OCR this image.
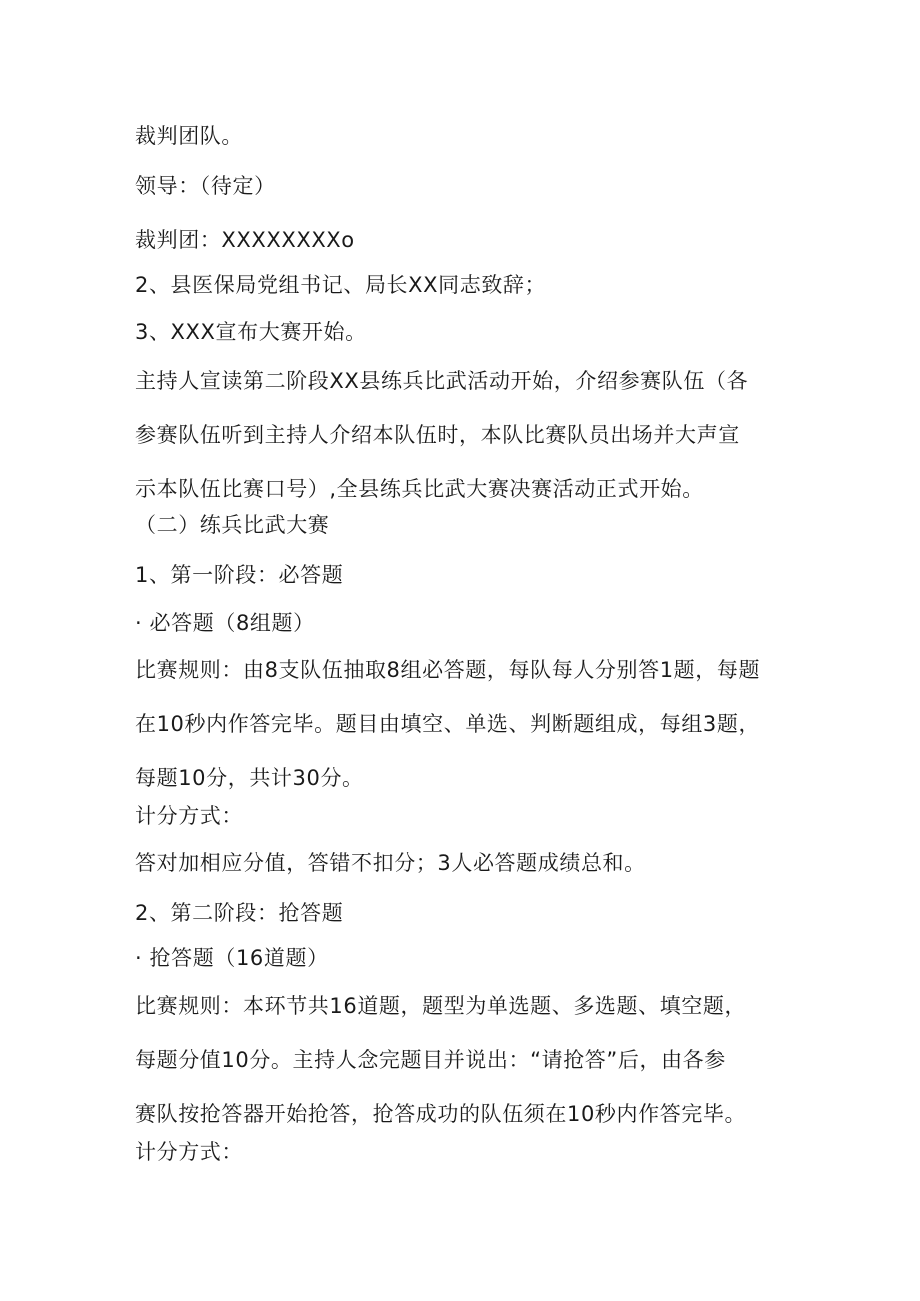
裁判团队。

领导：（待定）

裁判团：XXXXXXXXo

2、县医保局党组书记、局长XX同志致辞；

3、XXX宣布大赛开始。

主持人宣读第二阶段XX县练兵比武活动开始，介绍参赛队伍（各
参赛队伍听到主持人介绍本队伍时，本队比赛队员出场并大声宣
示本队伍比赛口号）,全县练兵比武大赛决赛活动正式开始。

（二）练兵比武大赛

1、第一阶段：必答题

· 必答题（8组题）

比赛规则：由8支队伍抽取8组必答题，每队每人分别答1题，每题
在10秒内作答完毕。题目由填空、单选、判断题组成，每组3题，
每题10分，共计30分。

计分方式：

答对加相应分值，答错不扣分；3人必答题成绩总和。

2、第二阶段：抢答题

· 抢答题（16道题）

比赛规则：本环节共16道题，题型为单选题、多选题、填空题，
每题分值10分。主持人念完题目并说出：“请抢答”后，由各参
赛队按抢答器开始抢答，抢答成功的队伍须在10秒内作答完毕。

计分方式：
